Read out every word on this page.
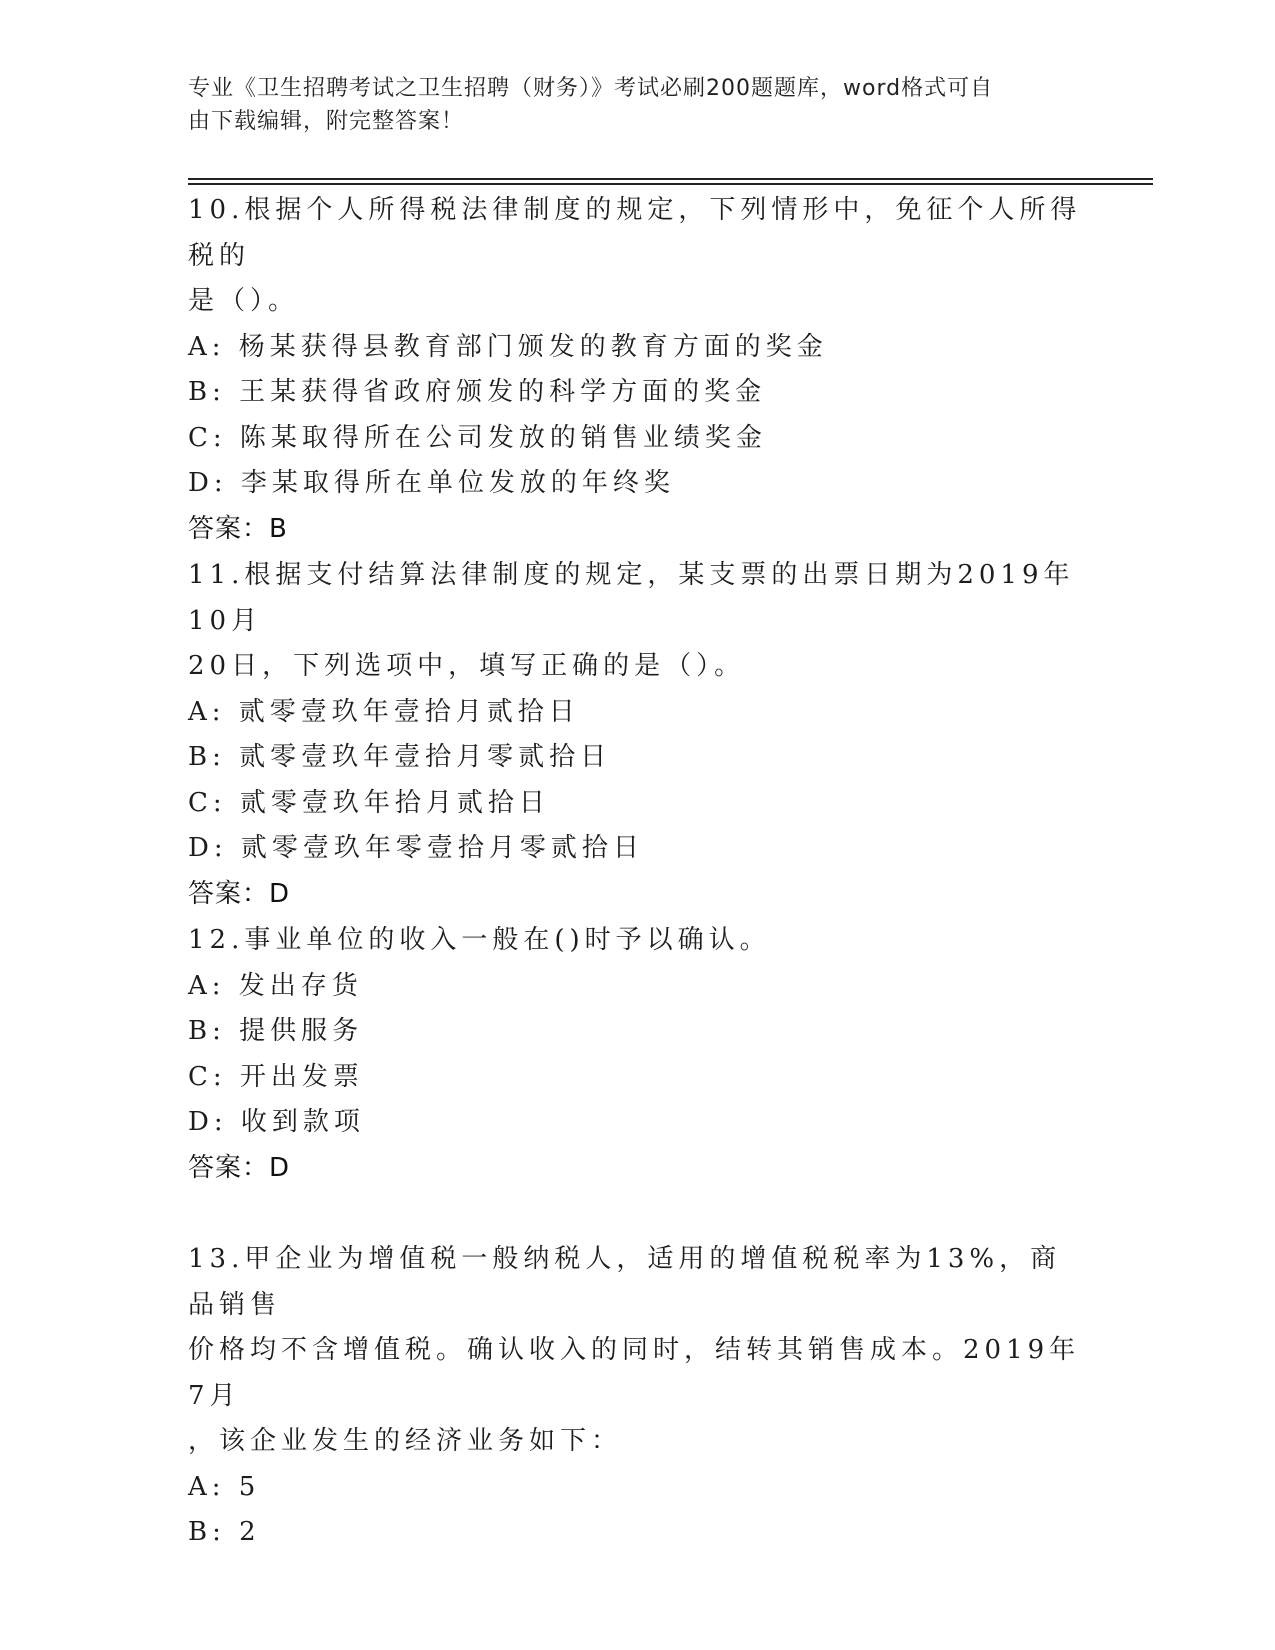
专业《卫生招聘考试之卫生招聘（财务）》考试必刷200题题库，word格式可自
由下载编辑，附完整答案！

10.根据个人所得税法律制度的规定，下列情形中，免征个人所得税的

是（）。

A: 杨某获得县教育部门颁发的教育方面的奖金

B: 王某获得省政府颁发的科学方面的奖金

C: 陈某取得所在公司发放的销售业绩奖金

D: 李某取得所在单位发放的年终奖

答案：B

11.根据支付结算法律制度的规定，某支票的出票日期为2019年10月

20日，下列选项中，填写正确的是（）。

A: 贰零壹玖年壹拾月贰拾日

B: 贰零壹玖年壹拾月零贰拾日

C: 贰零壹玖年拾月贰拾日

D: 贰零壹玖年零壹拾月零贰拾日

答案：D

12.事业单位的收入一般在()时予以确认。

A: 发出存货

B: 提供服务

C: 开出发票

D: 收到款项

答案：D

13.甲企业为增值税一般纳税人，适用的增值税税率为13%，商品销售

价格均不含增值税。确认收入的同时，结转其销售成本。2019年7月

，该企业发生的经济业务如下：

A: 5

B: 2
